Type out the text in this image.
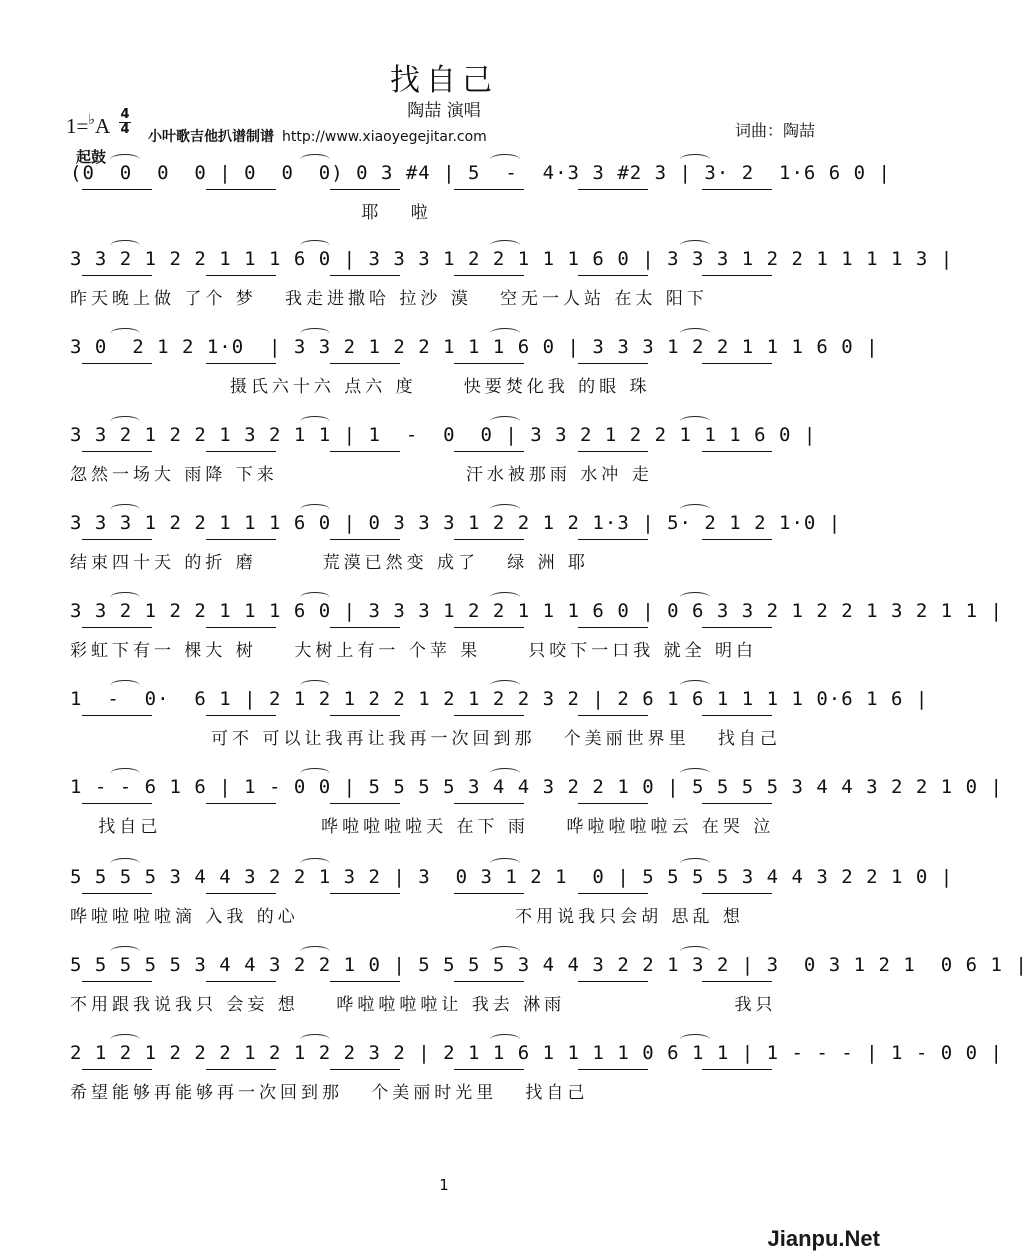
找自己
陶喆 演唱
1=♭A 4
4 小叶歌吉他扒谱制谱 http://www.xiaoyegejitar.com	词曲：陶喆
起鼓
(0  0  0  0 | 0  0  0) 0 3 #4 | 5  -  4·3 3 #2 3 | 3· 2  1·6 6 0 |
耶   啦
3 3 2 1 2 2 1 1 1 6 0 | 3 3 3 1 2 2 1 1 1 6 0 | 3 3 3 1 2 2 1 1 1 1 3 |
昨天晚上做 了个 梦   我走进撒哈 拉沙 漠   空无一人站 在太 阳下
3 0  2 1 2 1·0  | 3 3 2 1 2 2 1 1 1 6 0 | 3 3 3 1 2 2 1 1 1 6 0 |
摄氏六十六 点六 度     快要焚化我 的眼 珠
3 3 2 1 2 2 1 3 2 1 1 | 1  -  0  0 | 3 3 2 1 2 2 1 1 1 6 0 |
忽然一场大 雨降 下来                    汗水被那雨 水冲 走
3 3 3 1 2 2 1 1 1 6 0 | 0 3 3 3 1 2 2 1 2 1·3 | 5· 2 1 2 1·0 |
结束四十天 的折 磨       荒漠已然变 成了   绿 洲 耶
3 3 2 1 2 2 1 1 1 6 0 | 3 3 3 1 2 2 1 1 1 6 0 | 0 6 3 3 2 1 2 2 1 3 2 1 1 |
彩虹下有一 棵大 树    大树上有一 个苹 果     只咬下一口我 就全 明白
1  -  0·  6 1 | 2 1 2 1 2 2 1 2 1 2 2 3 2 | 2 6 1 6 1 1 1 1 0·6 1 6 |
可不 可以让我再让我再一次回到那   个美丽世界里   找自己
1 - - 6 1 6 | 1 - 0 0 | 5 5 5 5 3 4 4 3 2 2 1 0 | 5 5 5 5 3 4 4 3 2 2 1 0 |
找自己                 哗啦啦啦啦天 在下 雨    哗啦啦啦啦云 在哭 泣
5 5 5 5 3 4 4 3 2 2 1 3 2 | 3  0 3 1 2 1  0 | 5 5 5 5 3 4 4 3 2 2 1 0 |
哗啦啦啦啦滴 入我 的心                       不用说我只会胡 思乱 想
5 5 5 5 5 3 4 4 3 2 2 1 0 | 5 5 5 5 3 4 4 3 2 2 1 3 2 | 3  0 3 1 2 1  0 6 1 |
不用跟我说我只 会妄 想    哗啦啦啦啦让 我去 淋雨                  我只
2 1 2 1 2 2 2 1 2 1 2 2 3 2 | 2 1 1 6 1 1 1 1 0 6 1 1 | 1 - - - | 1 - 0 0 |
希望能够再能够再一次回到那   个美丽时光里   找自己
1
Jianpu.Net
